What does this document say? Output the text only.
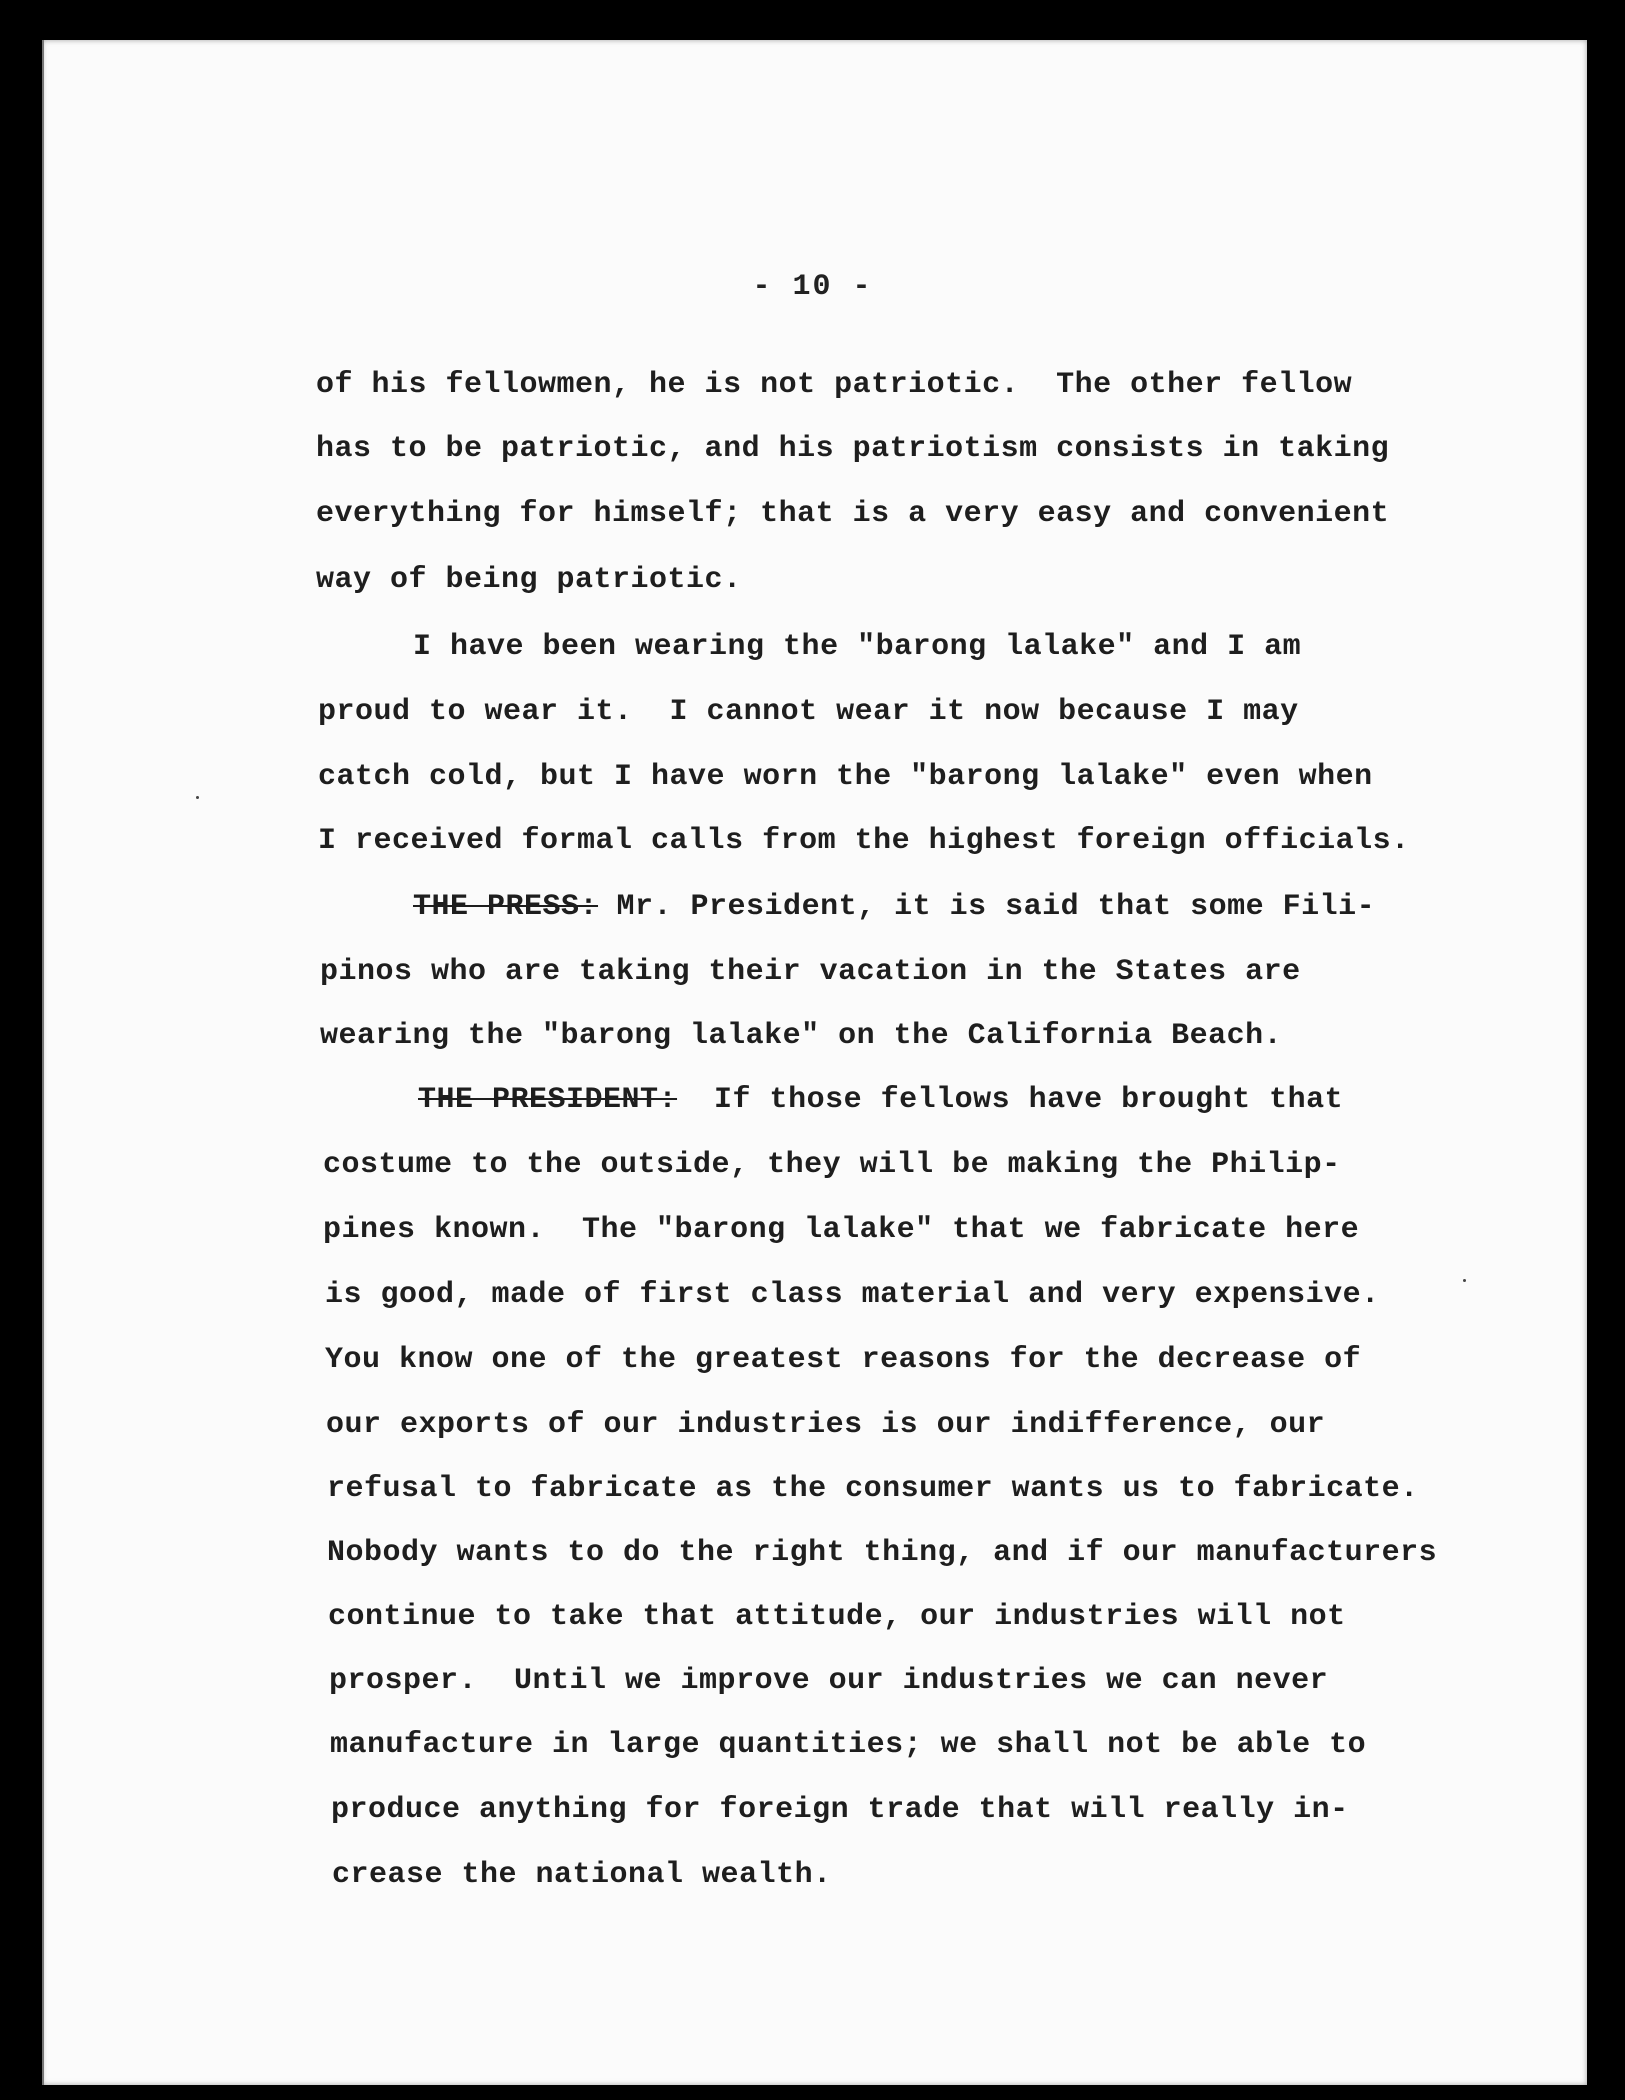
- 10 -
of his fellowmen, he is not patriotic.  The other fellow
has to be patriotic, and his patriotism consists in taking
everything for himself; that is a very easy and convenient
way of being patriotic.
I have been wearing the "barong lalake" and I am
proud to wear it.  I cannot wear it now because I may
catch cold, but I have worn the "barong lalake" even when
I received formal calls from the highest foreign officials.
THE PRESS: Mr. President, it is said that some Fili-
pinos who are taking their vacation in the States are
wearing the "barong lalake" on the California Beach.
THE PRESIDENT:  If those fellows have brought that
costume to the outside, they will be making the Philip-
pines known.  The "barong lalake" that we fabricate here
is good, made of first class material and very expensive.
You know one of the greatest reasons for the decrease of
our exports of our industries is our indifference, our
refusal to fabricate as the consumer wants us to fabricate.
Nobody wants to do the right thing, and if our manufacturers
continue to take that attitude, our industries will not
prosper.  Until we improve our industries we can never
manufacture in large quantities; we shall not be able to
produce anything for foreign trade that will really in-
crease the national wealth.
